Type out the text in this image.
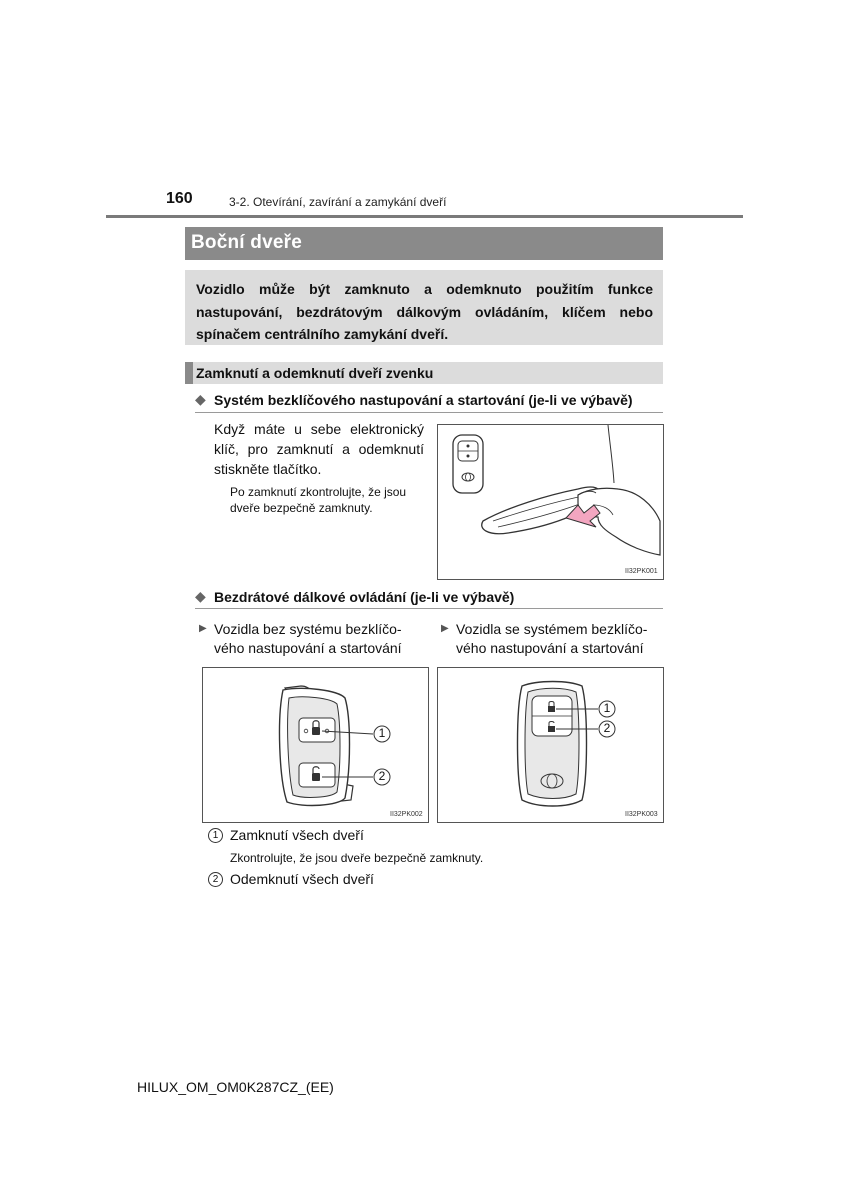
160	3-2. Otevírání, zavírání a zamykání dveří
Boční dveře

Vozidlo může být zamknuto a odemknuto použitím funkce nastupování, bezdrátovým dálkovým ovládáním, klíčem nebo spínačem centrálního zamykání dveří.

Zamknutí a odemknutí dveří zvenku
◆ Systém bezklíčového nastupování a startování (je-li ve výbavě)
Když máte u sebe elektronický
klíč, pro zamknutí a odemknutí
stiskněte tlačítko.
Po zamknutí zkontrolujte, že jsou
dveře bezpečně zamknuty.
II32PK001
◆ Bezdrátové dálkové ovládání (je-li ve výbavě)
▶ Vozidla bez systému bezklíčo-
vého nastupování a startování
▶ Vozidla se systémem bezklíčo-
vého nastupování a startování
1
2
II32PK002
1
2
II32PK003
1 Zamknutí všech dveří
Zkontrolujte, že jsou dveře bezpečně zamknuty.
2 Odemknutí všech dveří
HILUX_OM_OM0K287CZ_(EE)
